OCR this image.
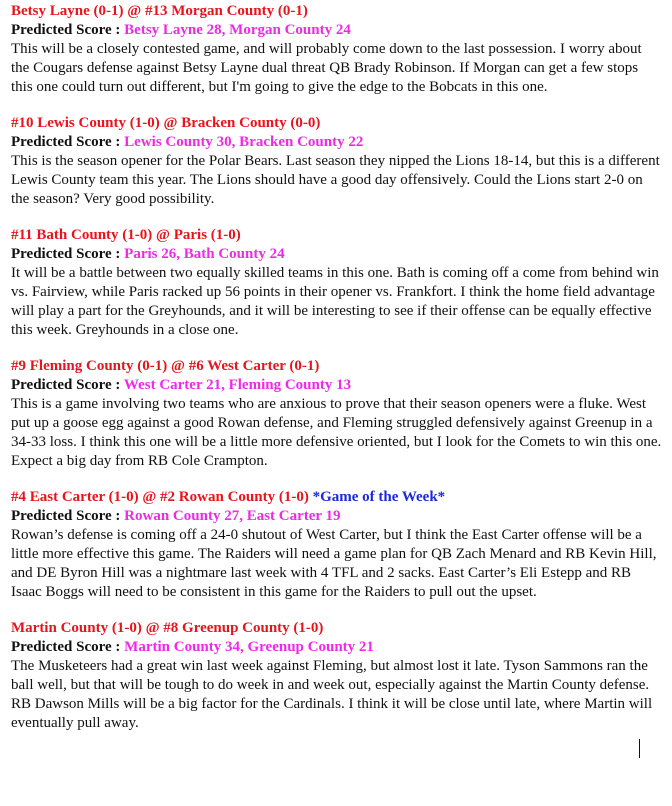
Betsy Layne (0-1) @ #13 Morgan County (0-1)
Predicted Score : Betsy Layne 28, Morgan County 24
This will be a closely contested game, and will probably come down to the last possession. I worry about the Cougars defense against Betsy Layne dual threat QB Brady Robinson. If Morgan can get a few stops this one could turn out different, but I'm going to give the edge to the Bobcats in this one.
#10 Lewis County (1-0) @ Bracken County (0-0)
Predicted Score : Lewis County 30, Bracken County 22
This is the season opener for the Polar Bears. Last season they nipped the Lions 18-14, but this is a different Lewis County team this year. The Lions should have a good day offensively. Could the Lions start 2-0 on the season? Very good possibility.
#11 Bath County (1-0) @ Paris (1-0)
Predicted Score : Paris 26, Bath County 24
It will be a battle between two equally skilled teams in this one. Bath is coming off a come from behind win vs. Fairview, while Paris racked up 56 points in their opener vs. Frankfort. I think the home field advantage will play a part for the Greyhounds, and it will be interesting to see if their offense can be equally effective this week. Greyhounds in a close one.
#9 Fleming County (0-1) @ #6 West Carter (0-1)
Predicted Score : West Carter 21, Fleming County 13
This is a game involving two teams who are anxious to prove that their season openers were a fluke. West put up a goose egg against a good Rowan defense, and Fleming struggled defensively against Greenup in a 34-33 loss. I think this one will be a little more defensive oriented, but I look for the Comets to win this one. Expect a big day from RB Cole Crampton.
#4 East Carter (1-0) @ #2 Rowan County (1-0) *Game of the Week*
Predicted Score : Rowan County 27, East Carter 19
Rowan’s defense is coming off a 24-0 shutout of West Carter, but I think the East Carter offense will be a little more effective this game. The Raiders will need a game plan for QB Zach Menard and RB Kevin Hill, and DE Byron Hill was a nightmare last week with 4 TFL and 2 sacks. East Carter’s Eli Estepp and RB Isaac Boggs will need to be consistent in this game for the Raiders to pull out the upset.
Martin County (1-0) @ #8 Greenup County (1-0)
Predicted Score : Martin County 34, Greenup County 21
The Musketeers had a great win last week against Fleming, but almost lost it late. Tyson Sammons ran the ball well, but that will be tough to do week in and week out, especially against the Martin County defense. RB Dawson Mills will be a big factor for the Cardinals. I think it will be close until late, where Martin will eventually pull away.
